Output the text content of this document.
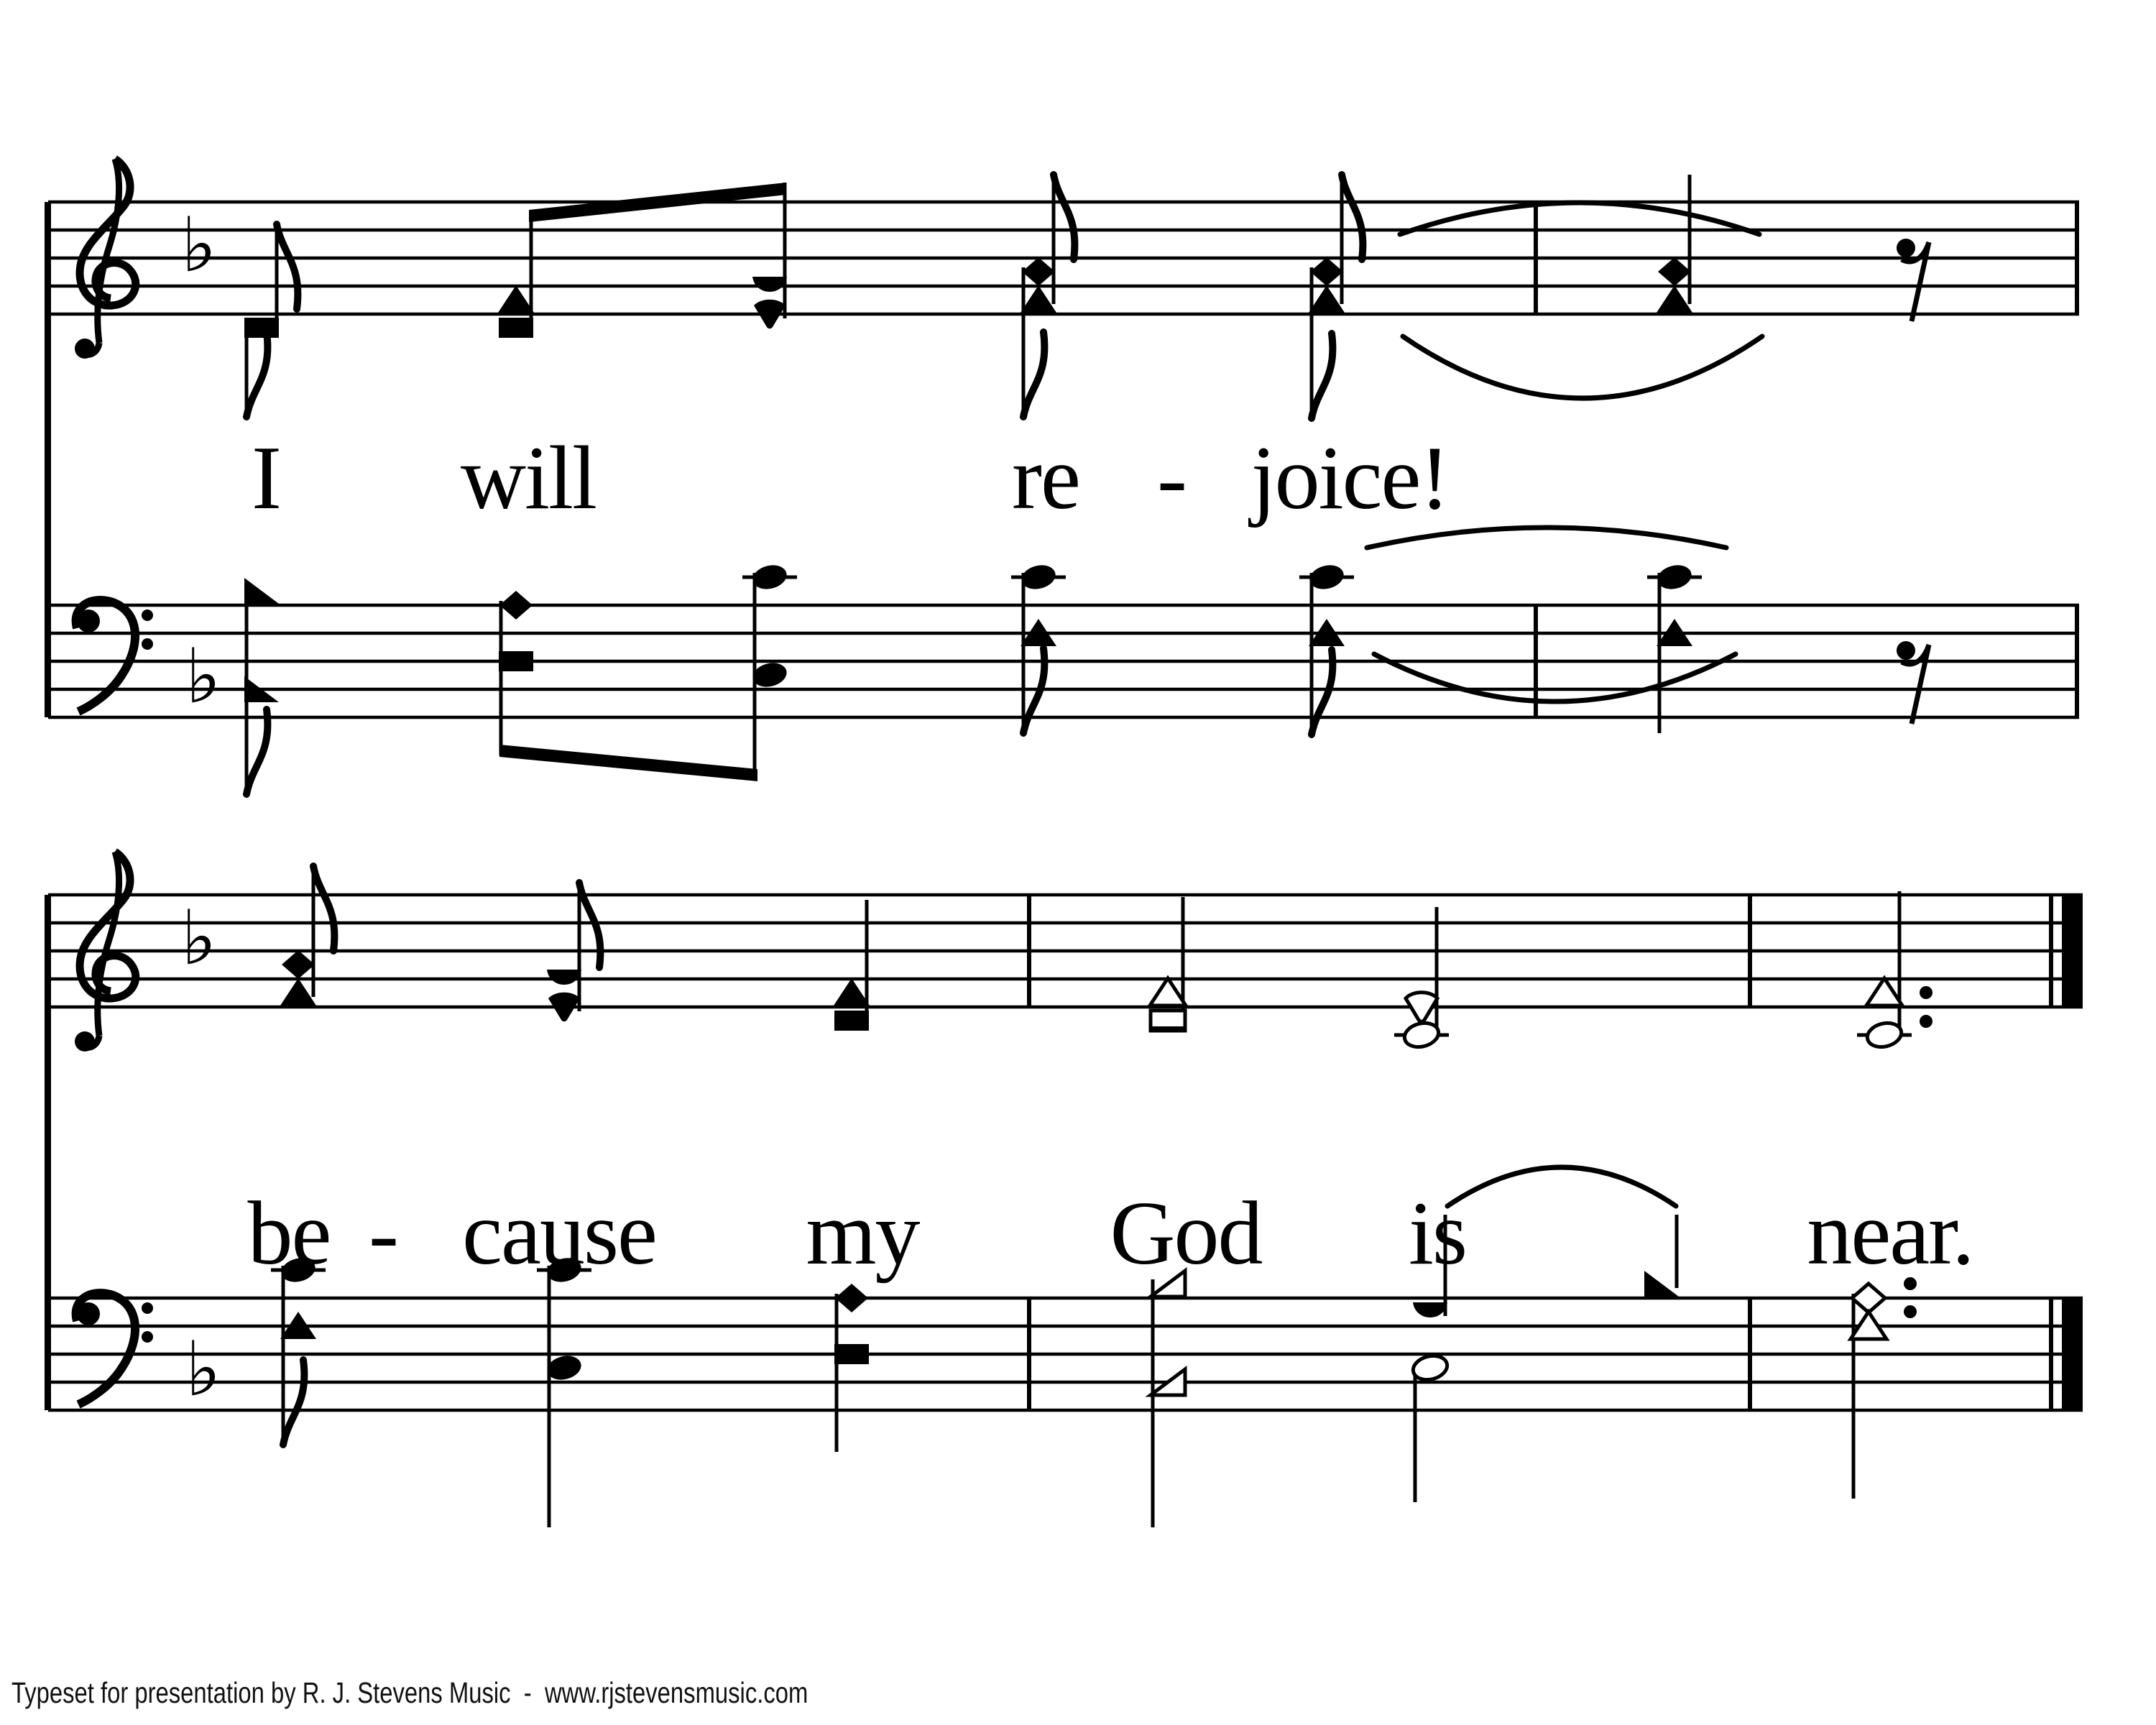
♭
♭
♭
♭
I will	re - joice!
be - cause my God is	near.
Typeset for presentation by R. J. Stevens Music  -  www.rjstevensmusic.com
